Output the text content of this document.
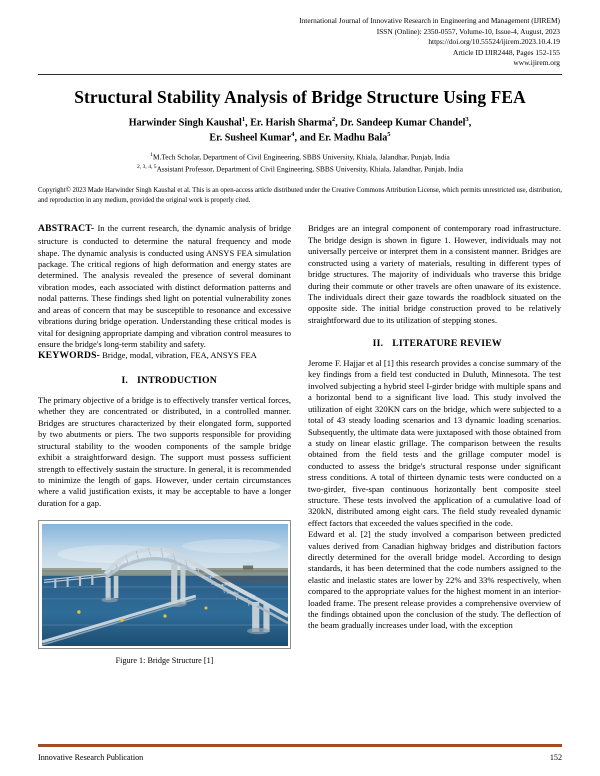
International Journal of Innovative Research in Engineering and Management (IJIREM)
ISSN (Online): 2350-0557, Volume-10, Issue-4, August, 2023
https://doi.org/10.55524/ijirem.2023.10.4.19
Article ID IJIR2448, Pages 152-155
www.ijirem.org
Structural Stability Analysis of Bridge Structure Using FEA
Harwinder Singh Kaushal$^1$, Er. Harish Sharma$^2$, Dr. Sandeep Kumar Chandel$^3$,
Er. Susheel Kumar$^4$, and Er. Madhu Bala$^5$
$^1$M.Tech Scholar, Department of Civil Engineering, SBBS University, Khiala, Jalandhar, Punjab, India
$^{2, 3, 4, 5}$Assistant Professor, Department of Civil Engineering, SBBS University, Khiala, Jalandhar, Punjab, India
Copyright© 2023 Made Harwinder Singh Kaushal et al. This is an open-access article distributed under the Creative Commons Attribution License, which permits unrestricted use, distribution, and reproduction in any medium, provided the original work is properly cited.

ABSTRACT- In the current research, the dynamic analysis of bridge structure is conducted to determine the natural frequency and mode shape. The dynamic analysis is conducted using ANSYS FEA simulation package. The critical regions of high deformation and energy states are determined. The analysis revealed the presence of several dominant vibration modes, each associated with distinct deformation patterns and nodal patterns. These findings shed light on potential vulnerability zones and areas of concern that may be susceptible to resonance and excessive vibrations during bridge operation. Understanding these critical modes is vital for designing appropriate damping and vibration control measures to ensure the bridge's long-term stability and safety.

KEYWORDS- Bridge, modal, vibration, FEA, ANSYS FEA

I. INTRODUCTION

The primary objective of a bridge is to effectively transfer vertical forces, whether they are concentrated or distributed, in a controlled manner. Bridges are structures characterized by their elongated form, supported by two abutments or piers. The two supports responsible for providing structural stability to the wooden components of the sample bridge exhibit a straightforward design. The support must possess sufficient strength to effectively sustain the structure. In general, it is recommended to minimize the length of gaps. However, under certain circumstances where a valid justification exists, it may be acceptable to have a longer duration for a gap.

Figure 1: Bridge Structure [1]

Bridges are an integral component of contemporary road infrastructure. The bridge design is shown in figure 1. However, individuals may not universally perceive or interpret them in a consistent manner. Bridges are constructed using a variety of materials, resulting in different types of bridge structures. The majority of individuals who traverse this bridge during their commute or other travels are often unaware of its existence. The individuals direct their gaze towards the roadblock situated on the opposite side. The initial bridge construction proved to be relatively straightforward due to its utilization of stepping stones.

II. LITERATURE REVIEW

Jerome F. Hajjar et al [1] this research provides a concise summary of the key findings from a field test conducted in Duluth, Minnesota. The test involved subjecting a hybrid steel I-girder bridge with multiple spans and a horizontal bend to a significant live load. This study involved the utilization of eight 320KN cars on the bridge, which were subjected to a total of 43 steady loading scenarios and 13 dynamic loading scenarios. Subsequently, the ultimate data were juxtaposed with those obtained from a study on linear elastic grillage. The comparison between the results obtained from the field tests and the grillage computer model is conducted to assess the bridge's structural response under significant stress conditions. A total of thirteen dynamic tests were conducted on a two-girder, five-span continuous horizontally bent composite steel structure. These tests involved the application of a cumulative load of 320kN, distributed among eight cars. The field study revealed dynamic effect factors that exceeded the values specified in the code.

Edward et al. [2] the study involved a comparison between predicted values derived from Canadian highway bridges and distribution factors directly determined for the overall bridge model. According to design standards, it has been determined that the code numbers assigned to the elastic and inelastic states are lower by 22% and 33% respectively, when compared to the appropriate values for the highest moment in an interior-loaded frame. The present release provides a comprehensive overview of the findings obtained upon the conclusion of the study. The deflection of the beam gradually increases under load, with the exception

Innovative Research Publication	152
